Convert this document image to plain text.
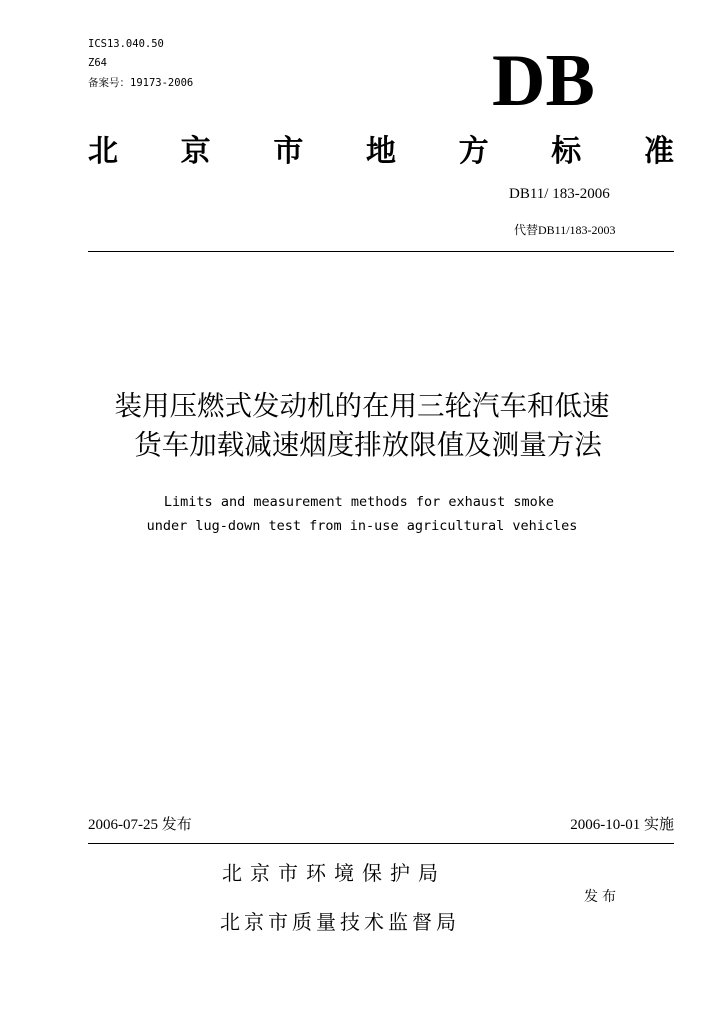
ICS13.040.50
Z64
备案号：19173-2006	DB
北 京 市 地 方 标 准
DB11/ 183-2006
代替DB11/183-2003
装用压燃式发动机的在用三轮汽车和低速
货车加载减速烟度排放限值及测量方法
Limits and measurement methods for exhaust smoke
under lug-down test from in-use agricultural vehicles
2006-07-25 发布	2006-10-01 实施
北京市环境保护局
发布
北京市质量技术监督局
